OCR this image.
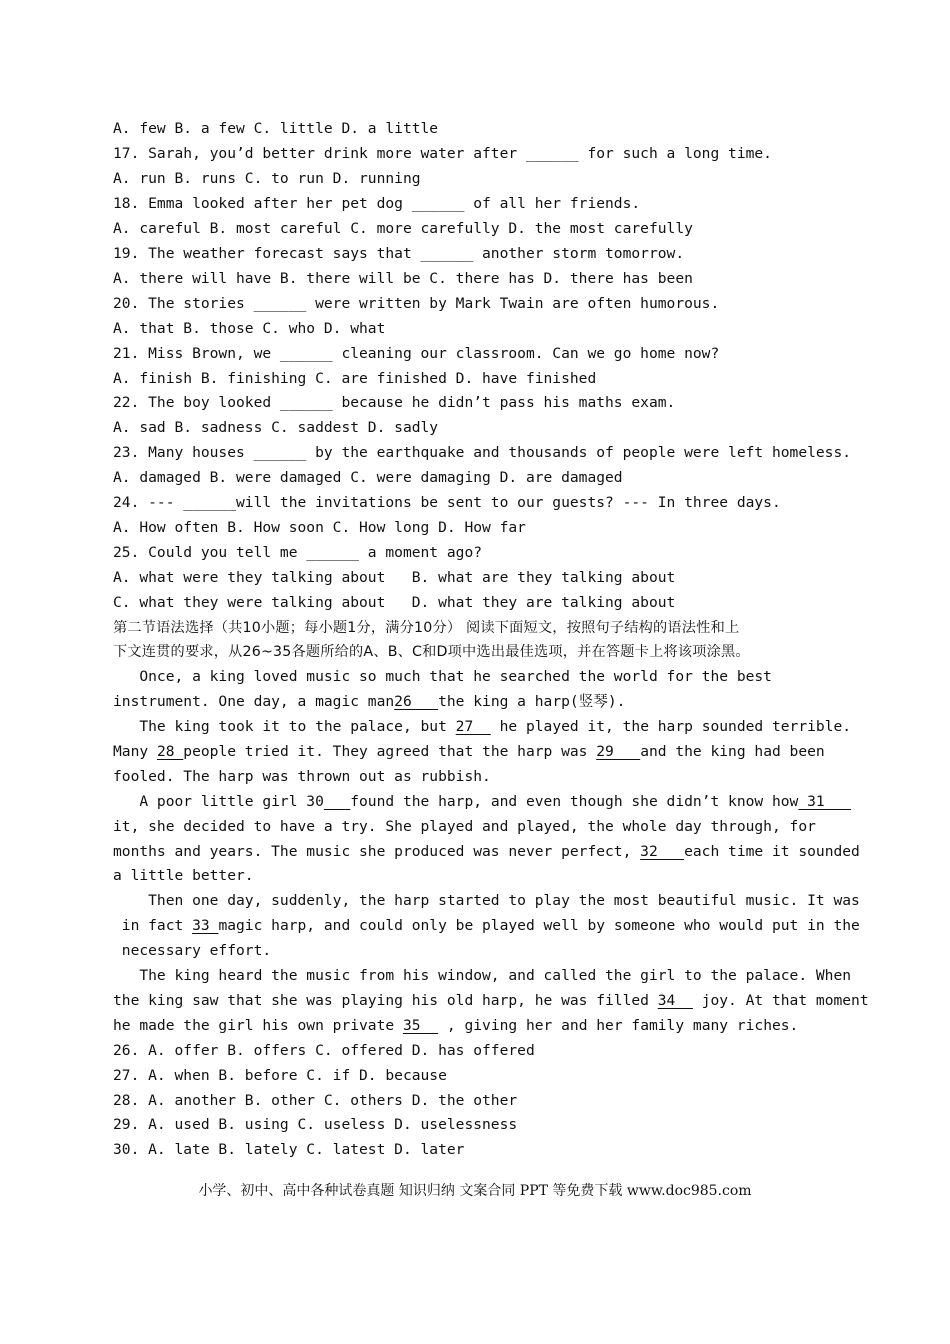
A. few B. a few C. little D. a little
17. Sarah, you’d better drink more water after ______ for such a long time.
A. run B. runs C. to run D. running
18. Emma looked after her pet dog ______ of all her friends.
A. careful B. most careful C. more carefully D. the most carefully
19. The weather forecast says that ______ another storm tomorrow.
A. there will have B. there will be C. there has D. there has been
20. The stories ______ were written by Mark Twain are often humorous.
A. that B. those C. who D. what
21. Miss Brown, we ______ cleaning our classroom. Can we go home now?
A. finish B. finishing C. are finished D. have finished
22. The boy looked ______ because he didn’t pass his maths exam.
A. sad B. sadness C. saddest D. sadly
23. Many houses ______ by the earthquake and thousands of people were left homeless.
A. damaged B. were damaged C. were damaging D. are damaged
24. --- ______will the invitations be sent to our guests? --- In three days.
A. How often B. How soon C. How long D. How far
25. Could you tell me ______ a moment ago?
A. what were they talking about   B. what are they talking about
C. what they were talking about   D. what they are talking about
第二节语法选择（共10小题；每小题1分，满分10分） 阅读下面短文，按照句子结构的语法性和上
下文连贯的要求，从26~35各题所给的A、B、C和D项中选出最佳选项，并在答题卡上将该项涂黑。
Once, a king loved music so much that he searched the world for the best
instrument. One day, a magic man26   the king a harp(竖琴).
The king took it to the palace, but 27   he played it, the harp sounded terrible.
Many 28 people tried it. They agreed that the harp was 29   and the king had been
fooled. The harp was thrown out as rubbish.
A poor little girl 30___found the harp, and even though she didn’t know how 31
it, she decided to have a try. She played and played, the whole day through, for
months and years. The music she produced was never perfect, 32   each time it sounded
a little better.
Then one day, suddenly, the harp started to play the most beautiful music. It was
in fact 33 magic harp, and could only be played well by someone who would put in the
necessary effort.
The king heard the music from his window, and called the girl to the palace. When
the king saw that she was playing his old harp, he was filled 34   joy. At that moment
he made the girl his own private 35   , giving her and her family many riches.
26. A. offer B. offers C. offered D. has offered
27. A. when B. before C. if D. because
28. A. another B. other C. others D. the other
29. A. used B. using C. useless D. uselessness
30. A. late B. lately C. latest D. later
小学、初中、高中各种试卷真题 知识归纳 文案合同 PPT 等免费下载 www.doc985.com
